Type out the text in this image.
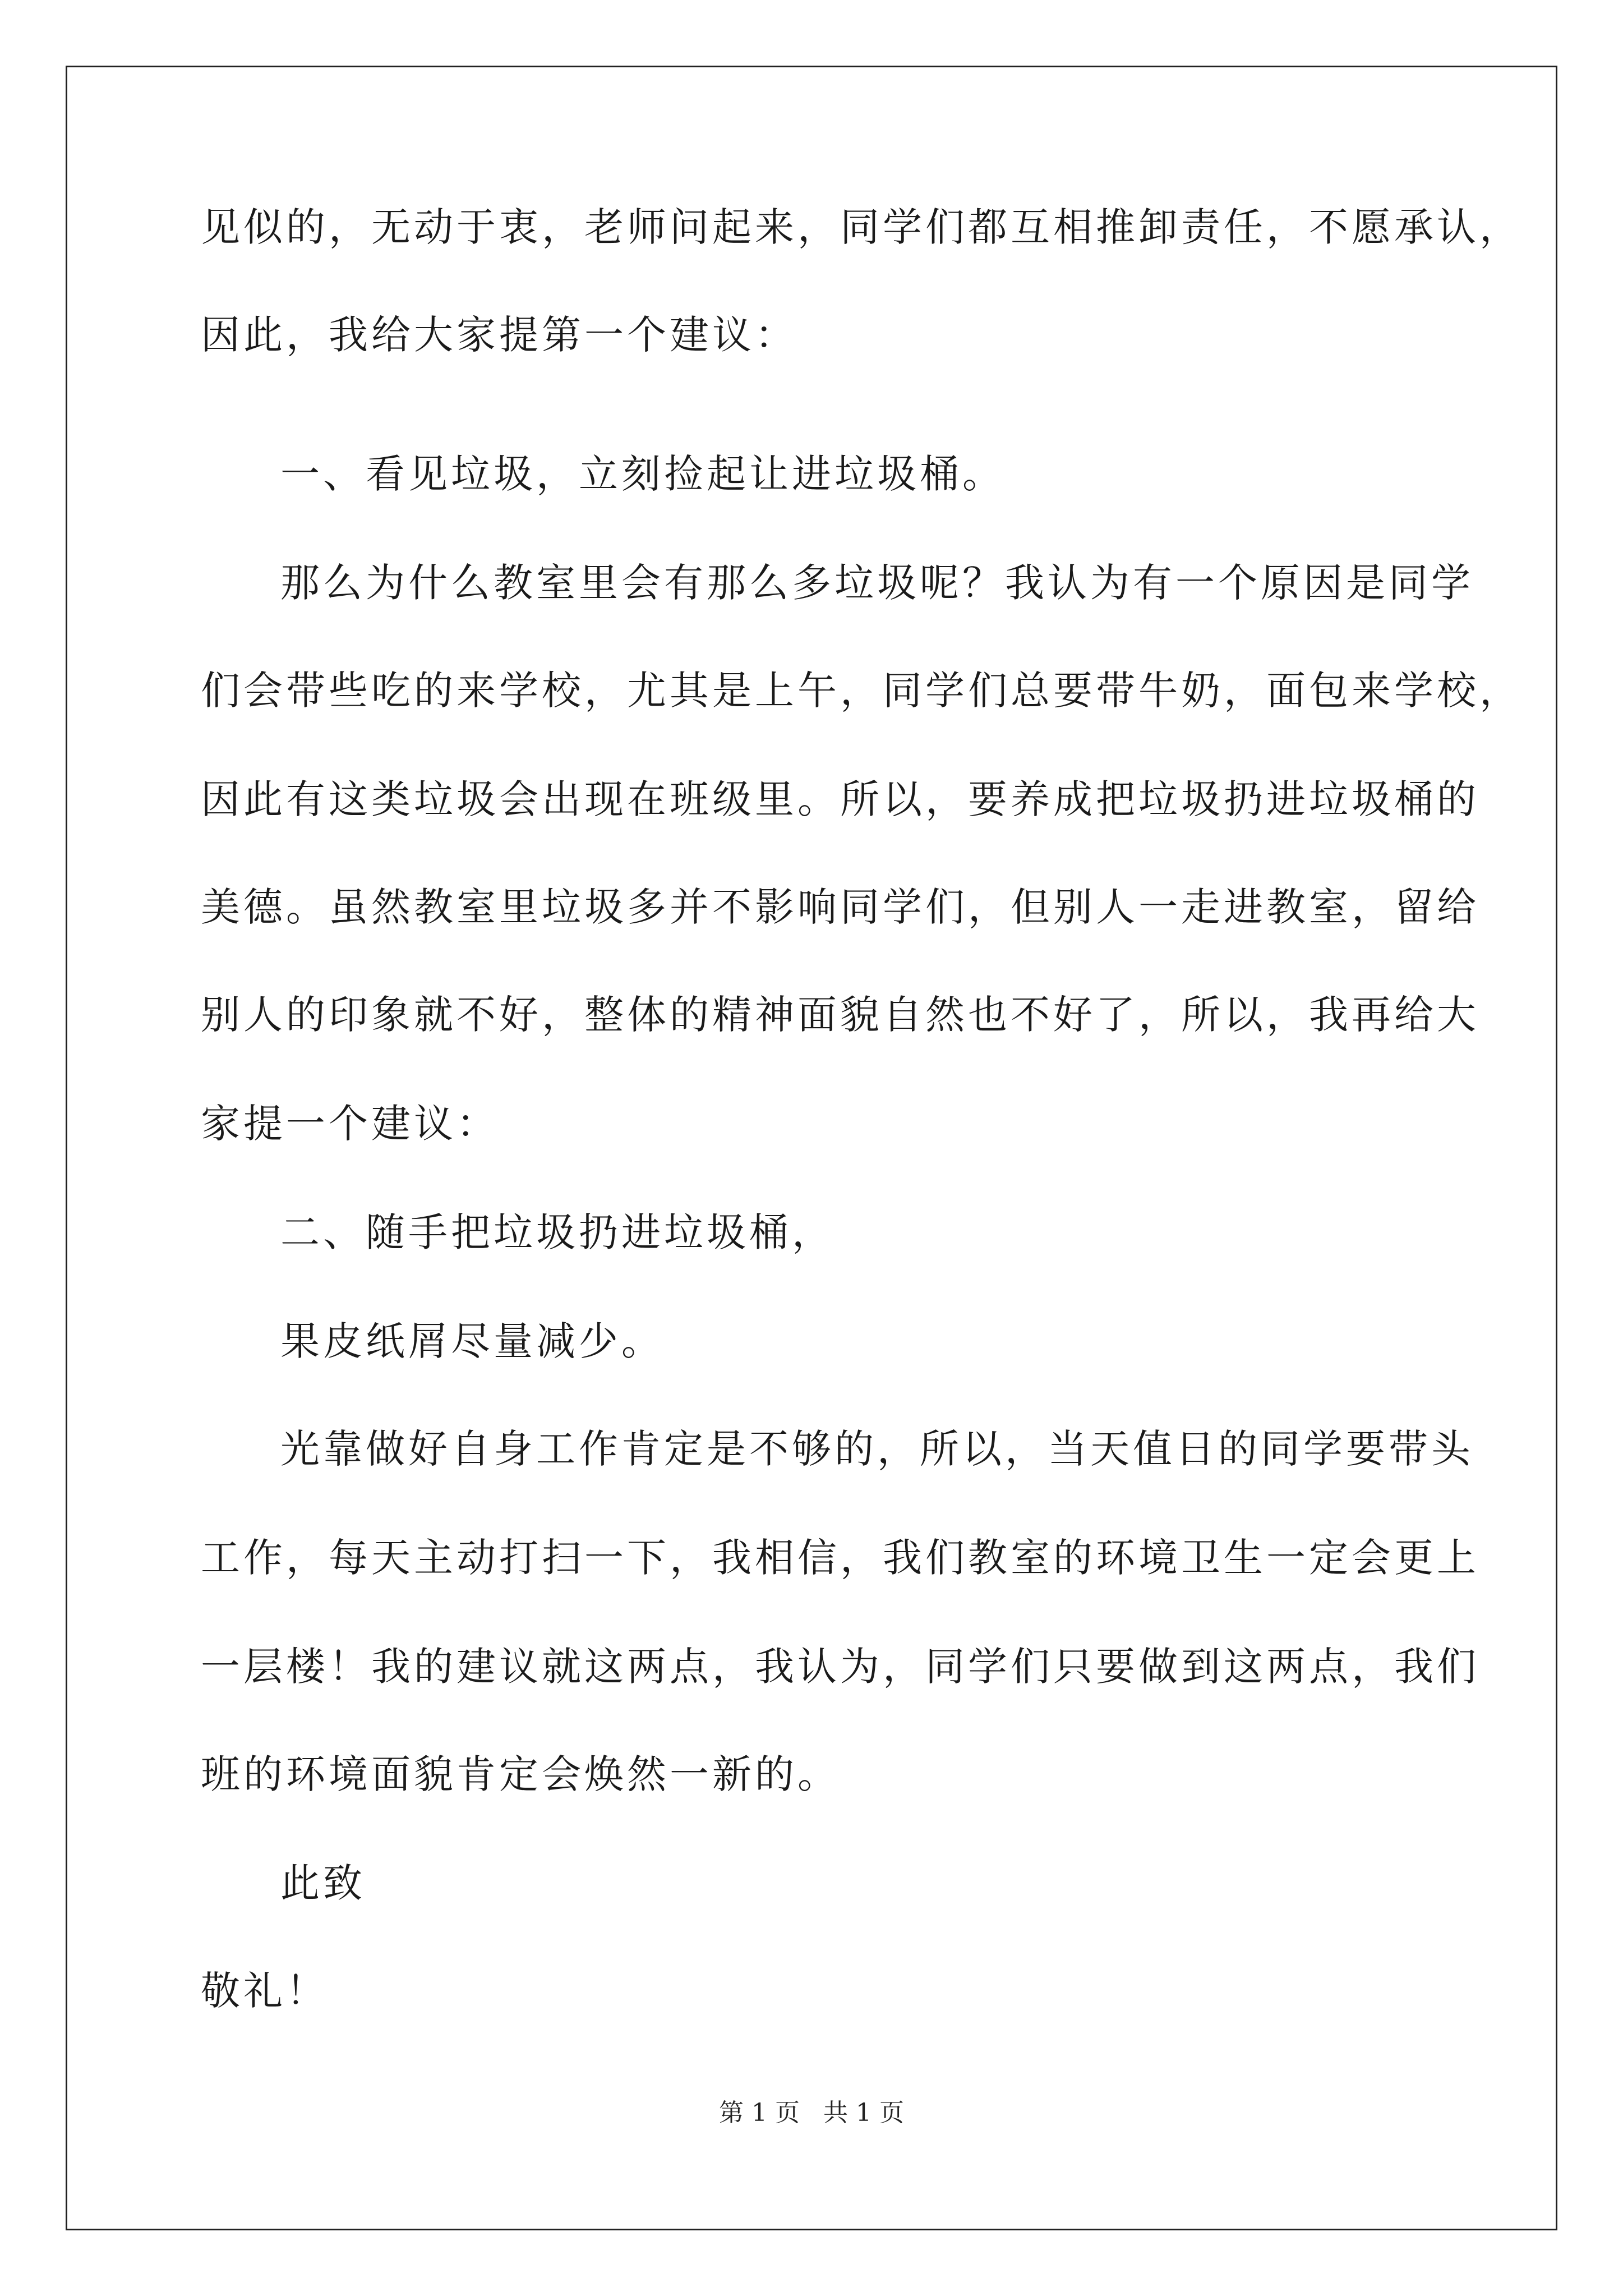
见似的，无动于衷，老师问起来，同学们都互相推卸责任，不愿承认，
因此，我给大家提第一个建议：
一、看见垃圾，立刻捡起让进垃圾桶。
那么为什么教室里会有那么多垃圾呢？我认为有一个原因是同学
们会带些吃的来学校，尤其是上午，同学们总要带牛奶，面包来学校，
因此有这类垃圾会出现在班级里。所以，要养成把垃圾扔进垃圾桶的
美德。虽然教室里垃圾多并不影响同学们，但别人一走进教室，留给
别人的印象就不好，整体的精神面貌自然也不好了，所以，我再给大
家提一个建议：
二、随手把垃圾扔进垃圾桶，
果皮纸屑尽量减少。
光靠做好自身工作肯定是不够的，所以，当天值日的同学要带头
工作，每天主动打扫一下，我相信，我们教室的环境卫生一定会更上
一层楼！我的建议就这两点，我认为，同学们只要做到这两点，我们
班的环境面貌肯定会焕然一新的。
此致
敬礼！
第 1 页   共 1 页
